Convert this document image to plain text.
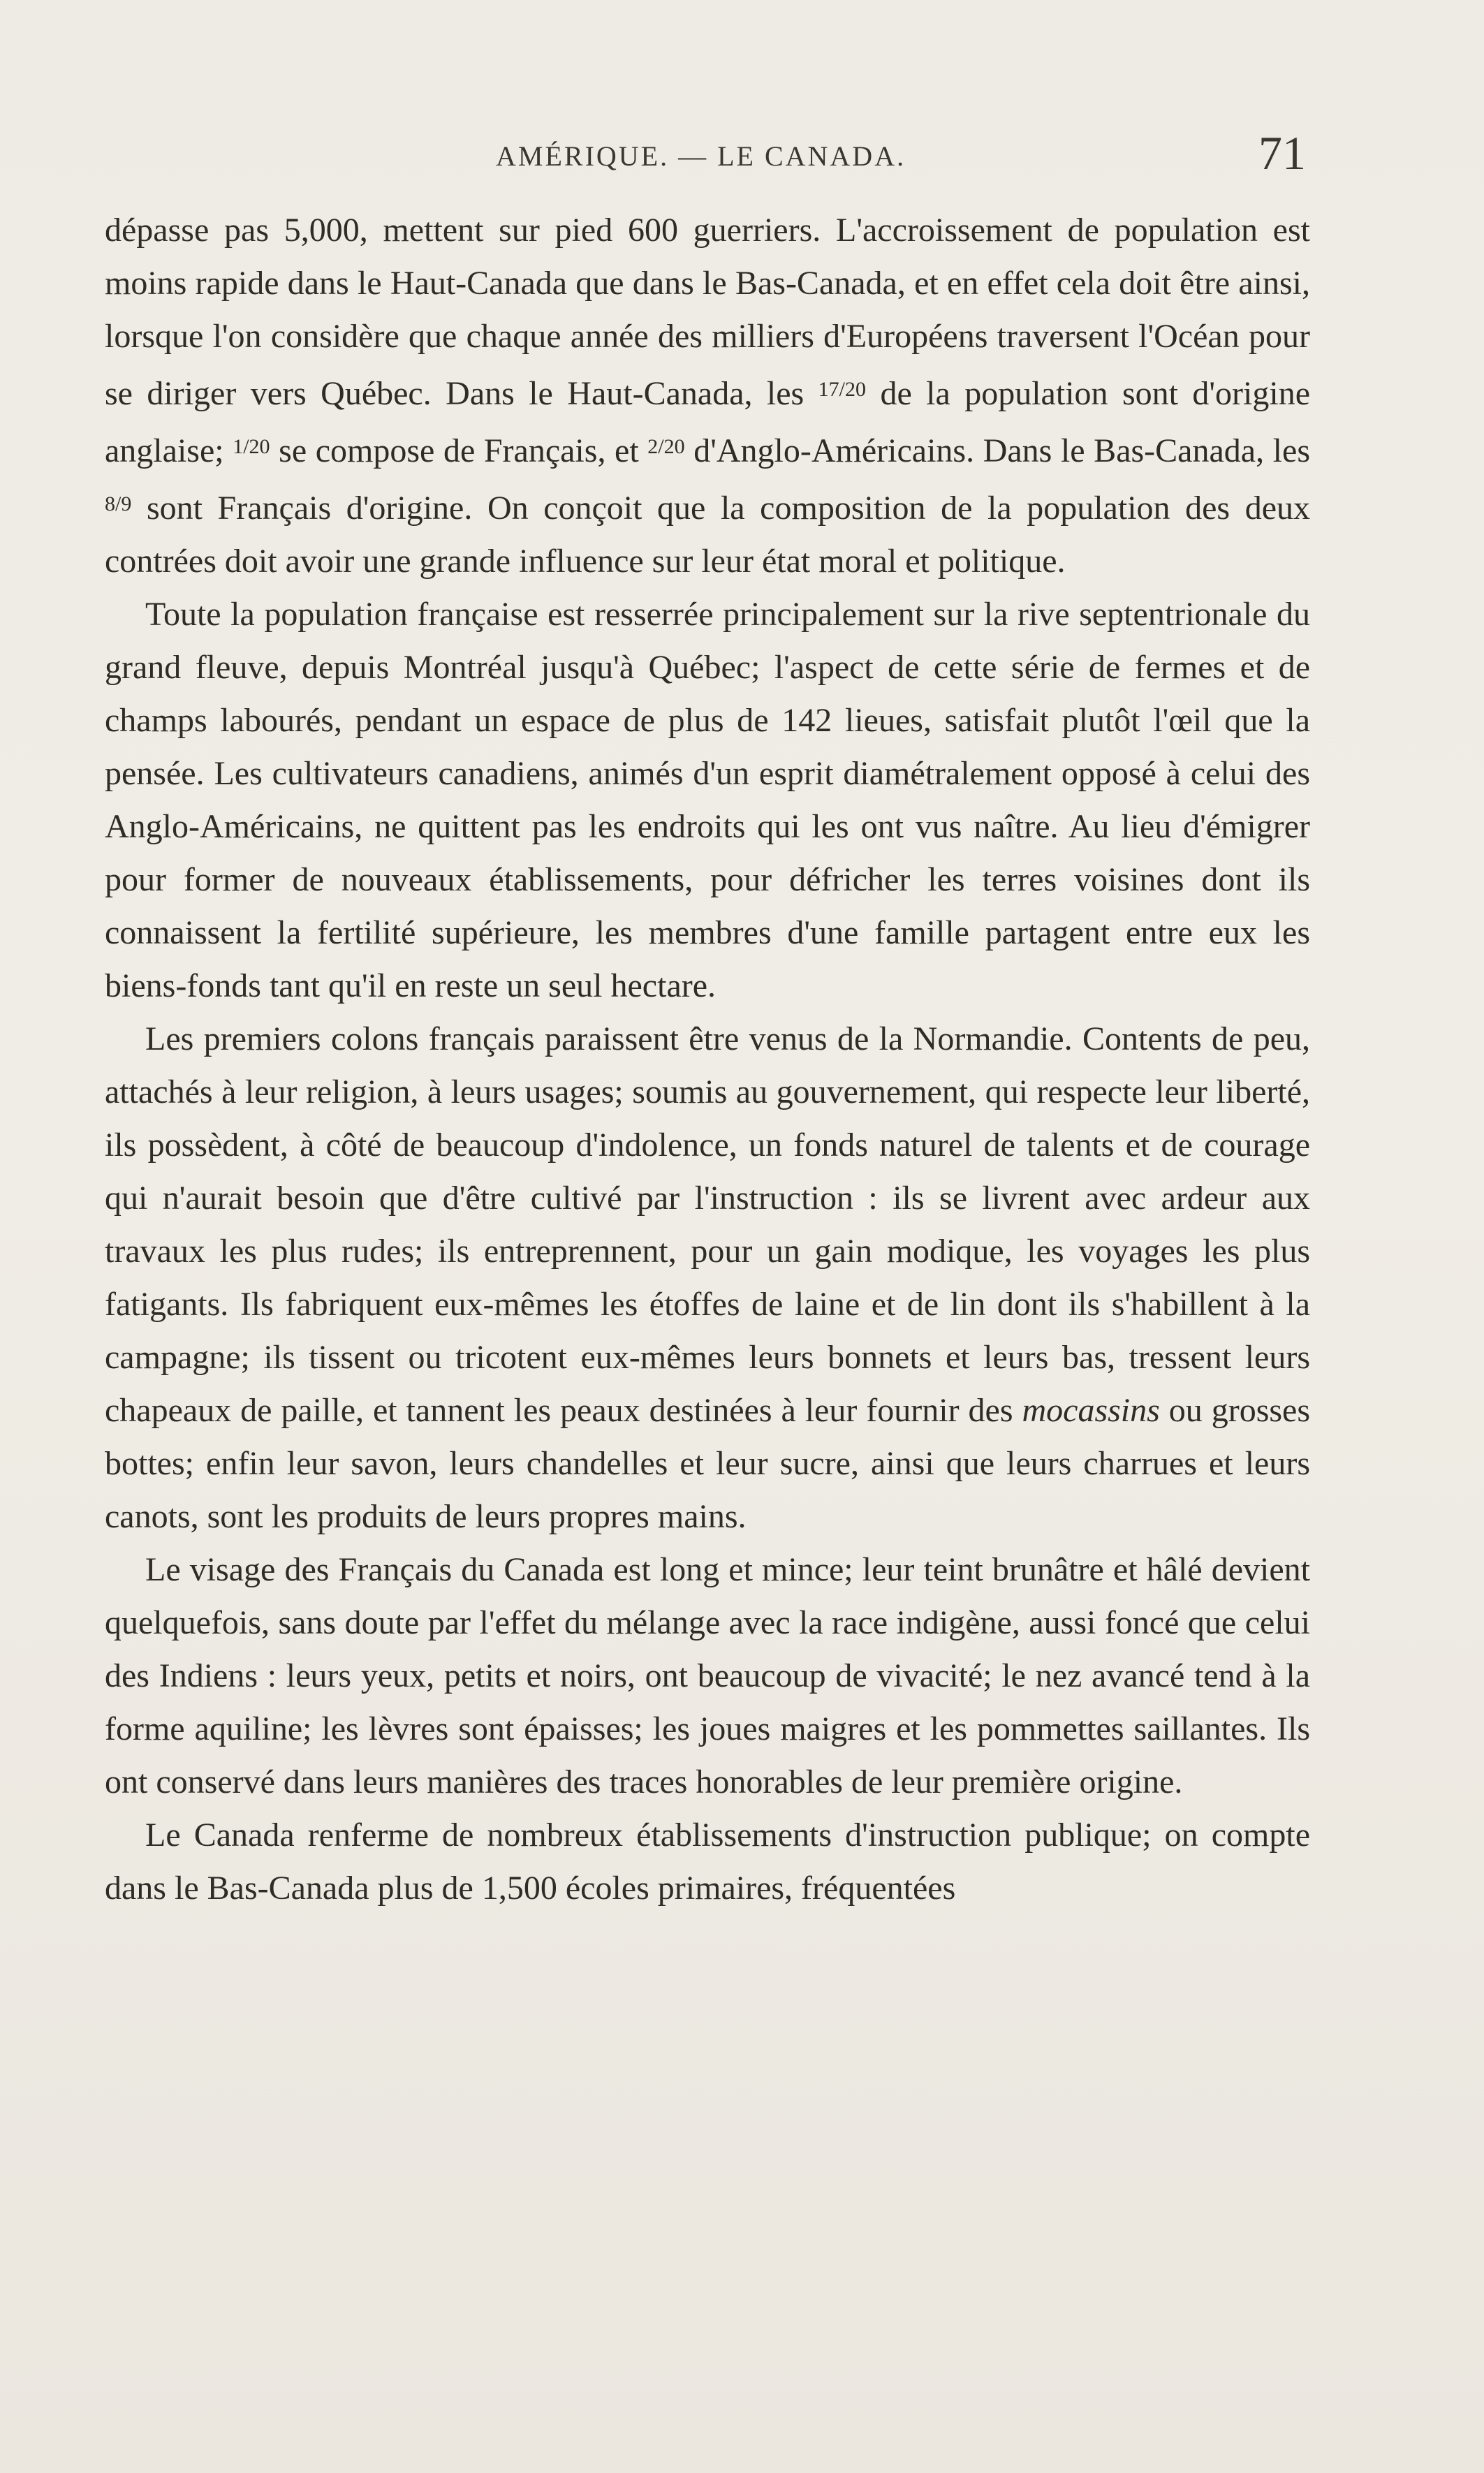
AMÉRIQUE. — LE CANADA.	71

dépasse pas 5,000, mettent sur pied 600 guerriers. L'accroissement de population est moins rapide dans le Haut-Canada que dans le Bas-Canada, et en effet cela doit être ainsi, lorsque l'on considère que chaque année des milliers d'Européens traversent l'Océan pour se diriger vers Québec. Dans le Haut-Canada, les $^{17/20}$ de la population sont d'origine anglaise; $^{1/20}$ se compose de Français, et $^{2/20}$ d'Anglo-Américains. Dans le Bas-Canada, les $^{8/9}$ sont Français d'origine. On conçoit que la composition de la population des deux contrées doit avoir une grande influence sur leur état moral et politique.

Toute la population française est resserrée principalement sur la rive septentrionale du grand fleuve, depuis Montréal jusqu'à Québec; l'aspect de cette série de fermes et de champs labourés, pendant un espace de plus de 142 lieues, satisfait plutôt l'œil que la pensée. Les cultivateurs canadiens, animés d'un esprit diamétralement opposé à celui des Anglo-Américains, ne quittent pas les endroits qui les ont vus naître. Au lieu d'émigrer pour former de nouveaux établissements, pour défricher les terres voisines dont ils connaissent la fertilité supérieure, les membres d'une famille partagent entre eux les biens-fonds tant qu'il en reste un seul hectare.

Les premiers colons français paraissent être venus de la Normandie. Contents de peu, attachés à leur religion, à leurs usages; soumis au gouvernement, qui respecte leur liberté, ils possèdent, à côté de beaucoup d'indolence, un fonds naturel de talents et de courage qui n'aurait besoin que d'être cultivé par l'instruction : ils se livrent avec ardeur aux travaux les plus rudes; ils entreprennent, pour un gain modique, les voyages les plus fatigants. Ils fabriquent eux-mêmes les étoffes de laine et de lin dont ils s'habillent à la campagne; ils tissent ou tricotent eux-mêmes leurs bonnets et leurs bas, tressent leurs chapeaux de paille, et tannent les peaux destinées à leur fournir des mocassins ou grosses bottes; enfin leur savon, leurs chandelles et leur sucre, ainsi que leurs charrues et leurs canots, sont les produits de leurs propres mains.

Le visage des Français du Canada est long et mince; leur teint brunâtre et hâlé devient quelquefois, sans doute par l'effet du mélange avec la race indigène, aussi foncé que celui des Indiens : leurs yeux, petits et noirs, ont beaucoup de vivacité; le nez avancé tend à la forme aquiline; les lèvres sont épaisses; les joues maigres et les pommettes saillantes. Ils ont conservé dans leurs manières des traces honorables de leur première origine.

Le Canada renferme de nombreux établissements d'instruction publique; on compte dans le Bas-Canada plus de 1,500 écoles primaires, fréquentées
